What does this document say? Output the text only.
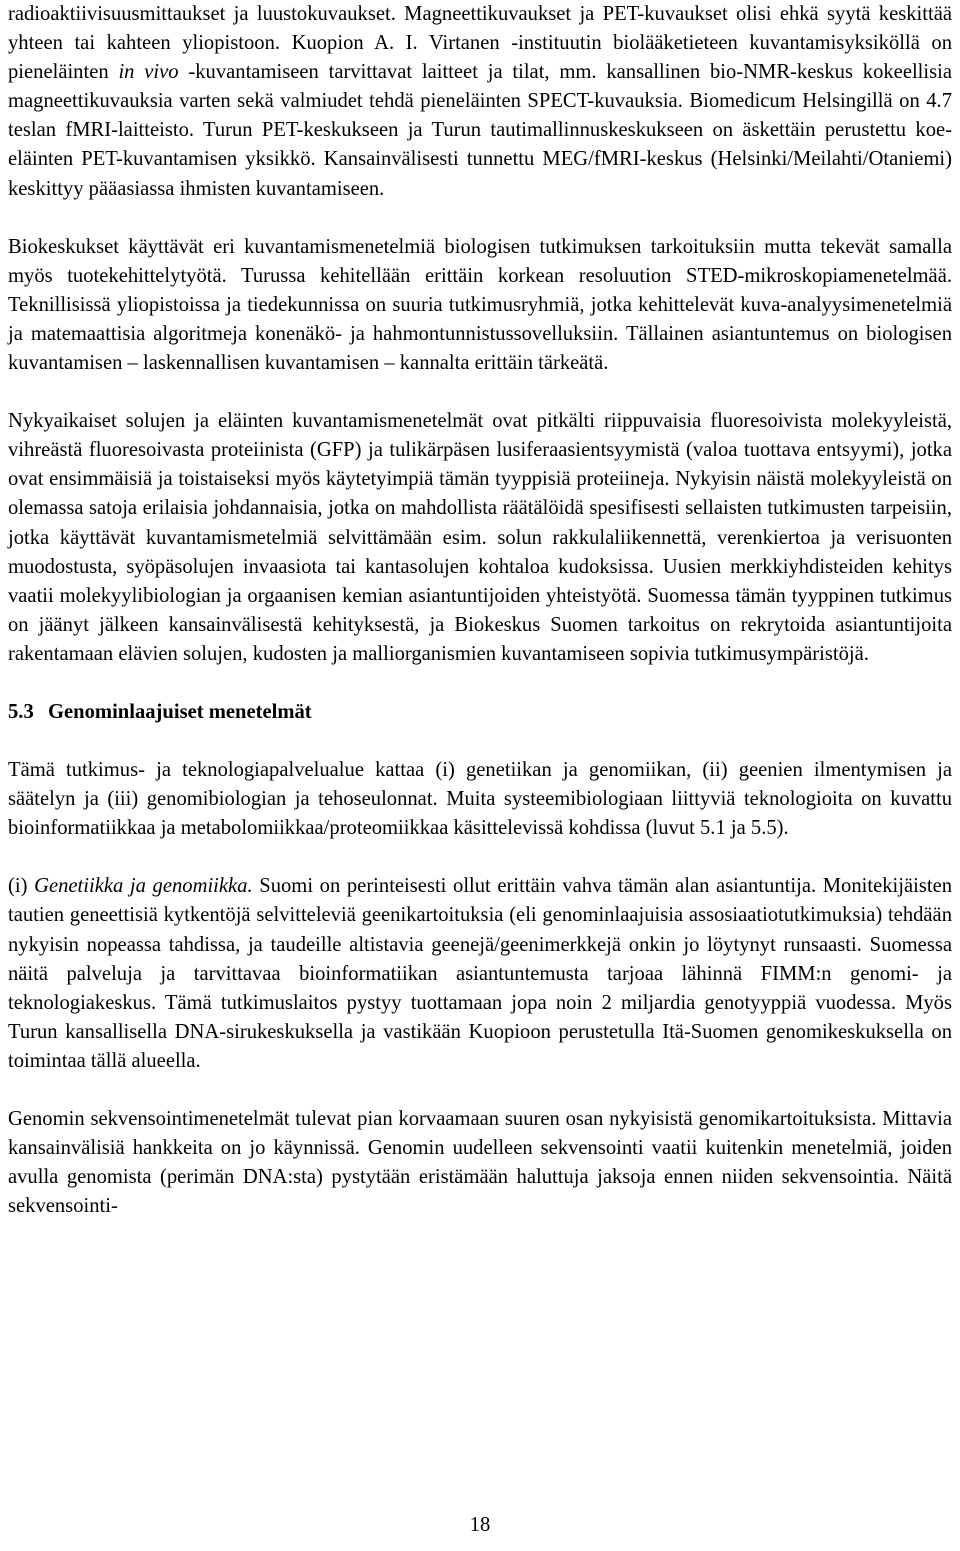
radioaktiivisuusmittaukset ja luustokuvaukset. Magneettikuvaukset ja PET-kuvaukset olisi ehkä syytä keskittää yhteen tai kahteen yliopistoon. Kuopion A. I. Virtanen -instituutin biolääketieteen kuvantamisyksiköllä on pieneläinten in vivo -kuvantamiseen tarvittavat laitteet ja tilat, mm. kansallinen bio-NMR-keskus kokeellisia magneettikuvauksia varten sekä valmiudet tehdä pieneläinten SPECT-kuvauksia. Biomedicum Helsingillä on 4.7 teslan fMRI-laitteisto. Turun PET-keskukseen ja Turun tautimallinnuskeskukseen on äskettäin perustettu koe-eläinten PET-kuvantamisen yksikkö. Kansainvälisesti tunnettu MEG/fMRI-keskus (Helsinki/Meilahti/Otaniemi) keskittyy pääasiassa ihmisten kuvantamiseen.

Biokeskukset käyttävät eri kuvantamismenetelmiä biologisen tutkimuksen tarkoituksiin mutta tekevät samalla myös tuotekehittelytyötä. Turussa kehitellään erittäin korkean resoluution STED-mikroskopiamenetelmää. Teknillisissä yliopistoissa ja tiedekunnissa on suuria tutkimusryhmiä, jotka kehittelevät kuva-analyysimenetelmiä ja matemaattisia algoritmeja konenäkö- ja hahmontunnistussovelluksiin. Tällainen asiantuntemus on biologisen kuvantamisen – laskennallisen kuvantamisen – kannalta erittäin tärkeätä.

Nykyaikaiset solujen ja eläinten kuvantamismenetelmät ovat pitkälti riippuvaisia fluoresoivista molekyyleistä, vihreästä fluoresoivasta proteiinista (GFP) ja tulikärpäsen lusiferaasientsyymistä (valoa tuottava entsyymi), jotka ovat ensimmäisiä ja toistaiseksi myös käytetyimpiä tämän tyyppisiä proteiineja. Nykyisin näistä molekyyleistä on olemassa satoja erilaisia johdannaisia, jotka on mahdollista räätälöidä spesifisesti sellaisten tutkimusten tarpeisiin, jotka käyttävät kuvantamismetelmiä selvittämään esim. solun rakkulaliikennettä, verenkiertoa ja verisuonten muodostusta, syöpäsolujen invaasiota tai kantasolujen kohtaloa kudoksissa. Uusien merkkiyhdisteiden kehitys vaatii molekyylibiologian ja orgaanisen kemian asiantuntijoiden yhteistyötä. Suomessa tämän tyyppinen tutkimus on jäänyt jälkeen kansainvälisestä kehityksestä, ja Biokeskus Suomen tarkoitus on rekrytoida asiantuntijoita rakentamaan elävien solujen, kudosten ja malliorganismien kuvantamiseen sopivia tutkimusympäristöjä.

5.3 Genominlaajuiset menetelmät

Tämä tutkimus- ja teknologiapalvelualue kattaa (i) genetiikan ja genomiikan, (ii) geenien ilmentymisen ja säätelyn ja (iii) genomibiologian ja tehoseulonnat. Muita systeemibiologiaan liittyviä teknologioita on kuvattu bioinformatiikkaa ja metabolomiikkaa/proteomiikkaa käsittelevissä kohdissa (luvut 5.1 ja 5.5).

(i) Genetiikka ja genomiikka. Suomi on perinteisesti ollut erittäin vahva tämän alan asiantuntija. Monitekijäisten tautien geneettisiä kytkentöjä selvitteleviä geenikartoituksia (eli genominlaajuisia assosiaatiotutkimuksia) tehdään nykyisin nopeassa tahdissa, ja taudeille altistavia geenejä/geenimerkkejä onkin jo löytynyt runsaasti. Suomessa näitä palveluja ja tarvittavaa bioinformatiikan asiantuntemusta tarjoaa lähinnä FIMM:n genomi- ja teknologiakeskus. Tämä tutkimuslaitos pystyy tuottamaan jopa noin 2 miljardia genotyyppiä vuodessa. Myös Turun kansallisella DNA-sirukeskuksella ja vastikään Kuopioon perustetulla Itä-Suomen genomikeskuksella on toimintaa tällä alueella.

Genomin sekvensointimenetelmät tulevat pian korvaamaan suuren osan nykyisistä genomikartoituksista. Mittavia kansainvälisiä hankkeita on jo käynnissä. Genomin uudelleen sekvensointi vaatii kuitenkin menetelmiä, joiden avulla genomista (perimän DNA:sta) pystytään eristämään haluttuja jaksoja ennen niiden sekvensointia. Näitä sekvensointi-

18
